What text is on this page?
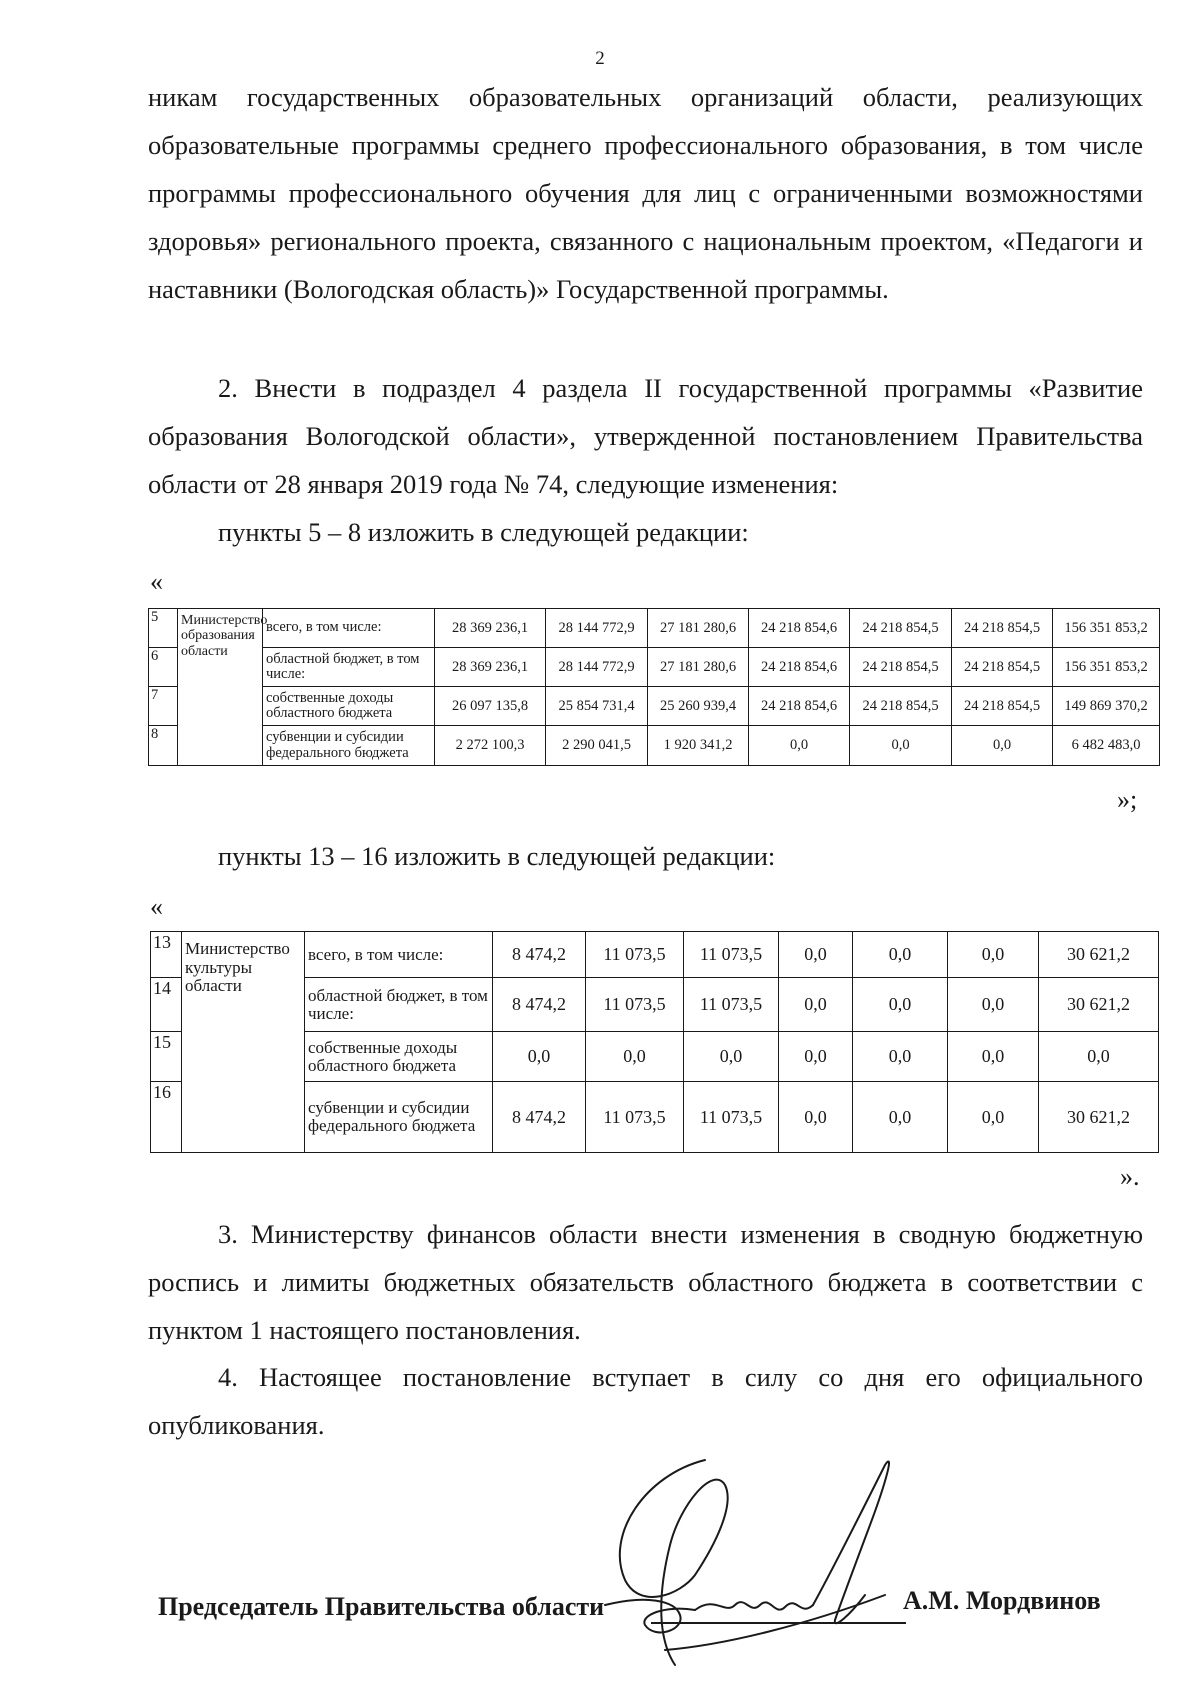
2
никам государственных образовательных организаций области, реализующих образовательные программы среднего профессионального образования, в том числе программы профессионального обучения для лиц с ограниченными возможностями здоровья» регионального проекта, связанного с национальным проектом, «Педагоги и наставники (Вологодская область)» Государственной программы.
2. Внести в подраздел 4 раздела II государственной программы «Развитие образования Вологодской области», утвержденной постановлением Правительства области от 28 января 2019 года № 74, следующие изменения:
пункты 5 – 8 изложить в следующей редакции:
«
5	Министерство образования области	всего, в том числе:	28 369 236,1	28 144 772,9	27 181 280,6	24 218 854,6	24 218 854,5	24 218 854,5	156 351 853,2
6		областной бюджет, в том числе:	28 369 236,1	28 144 772,9	27 181 280,6	24 218 854,6	24 218 854,5	24 218 854,5	156 351 853,2
7		собственные доходы областного бюджета	26 097 135,8	25 854 731,4	25 260 939,4	24 218 854,6	24 218 854,5	24 218 854,5	149 869 370,2
8		субвенции и субсидии федерального бюджета	2 272 100,3	2 290 041,5	1 920 341,2	0,0	0,0	0,0	6 482 483,0
»;
пункты 13 – 16 изложить в следующей редакции:
«
13	Министерство культуры области	всего, в том числе:	8 474,2	11 073,5	11 073,5	0,0	0,0	0,0	30 621,2
14		областной бюджет, в том числе:	8 474,2	11 073,5	11 073,5	0,0	0,0	0,0	30 621,2
15		собственные доходы областного бюджета	0,0	0,0	0,0	0,0	0,0	0,0	0,0
16		субвенции и субсидии федерального бюджета	8 474,2	11 073,5	11 073,5	0,0	0,0	0,0	30 621,2
».
3. Министерству финансов области внести изменения в сводную бюджетную роспись и лимиты бюджетных обязательств областного бюджета в соответствии с пунктом 1 настоящего постановления.
4. Настоящее постановление вступает в силу со дня его официального опубликования.
Председатель Правительства области	А.М. Мордвинов
